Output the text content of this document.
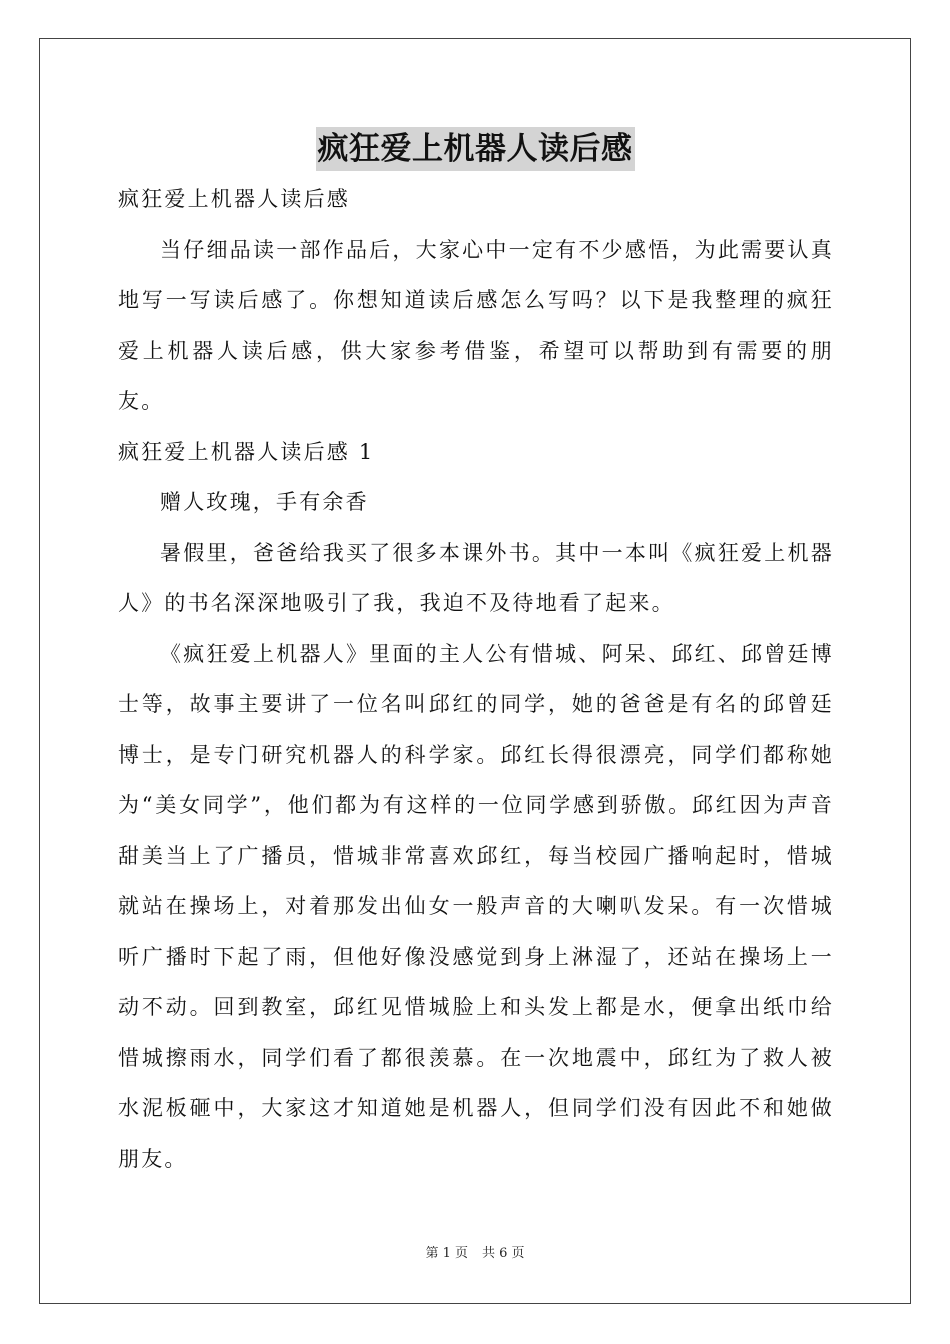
疯狂爱上机器人读后感

疯狂爱上机器人读后感

当仔细品读一部作品后，大家心中一定有不少感悟，为此需要认真地写一写读后感了。你想知道读后感怎么写吗？以下是我整理的疯狂爱上机器人读后感，供大家参考借鉴，希望可以帮助到有需要的朋友。

疯狂爱上机器人读后感 1

赠人玫瑰，手有余香

暑假里，爸爸给我买了很多本课外书。其中一本叫《疯狂爱上机器人》的书名深深地吸引了我，我迫不及待地看了起来。

《疯狂爱上机器人》里面的主人公有惜城、阿呆、邱红、邱曾廷博士等，故事主要讲了一位名叫邱红的同学，她的爸爸是有名的邱曾廷博士，是专门研究机器人的科学家。邱红长得很漂亮，同学们都称她为“美女同学”，他们都为有这样的一位同学感到骄傲。邱红因为声音甜美当上了广播员，惜城非常喜欢邱红，每当校园广播响起时，惜城就站在操场上，对着那发出仙女一般声音的大喇叭发呆。有一次惜城听广播时下起了雨，但他好像没感觉到身上淋湿了，还站在操场上一动不动。回到教室，邱红见惜城脸上和头发上都是水，便拿出纸巾给惜城擦雨水，同学们看了都很羡慕。在一次地震中，邱红为了救人被水泥板砸中，大家这才知道她是机器人，但同学们没有因此不和她做朋友。

第 1 页 共 6 页
